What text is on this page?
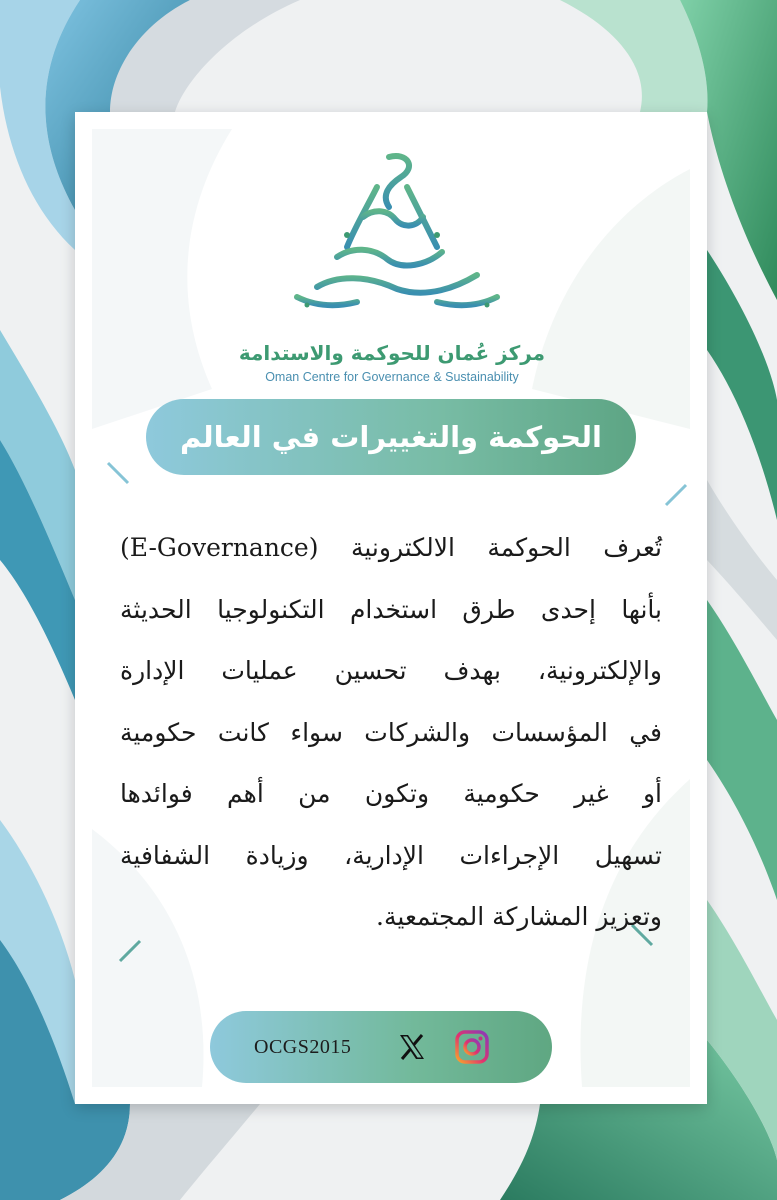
مركز عُمان للحوكمة والاستدامة
Oman Centre for Governance & Sustainability
الحوكمة والتغييرات في العالم
تُعرف الحوكمة الالكترونية (E-Governance)
بأنها إحدى طرق استخدام التكنولوجيا الحديثة
والإلكترونية، بهدف تحسين عمليات الإدارة
في المؤسسات والشركات سواء كانت حكومية
أو غير حكومية وتكون من أهم فوائدها
تسهيل الإجراءات الإدارية، وزيادة الشفافية
وتعزيز المشاركة المجتمعية.
OCGS2015
